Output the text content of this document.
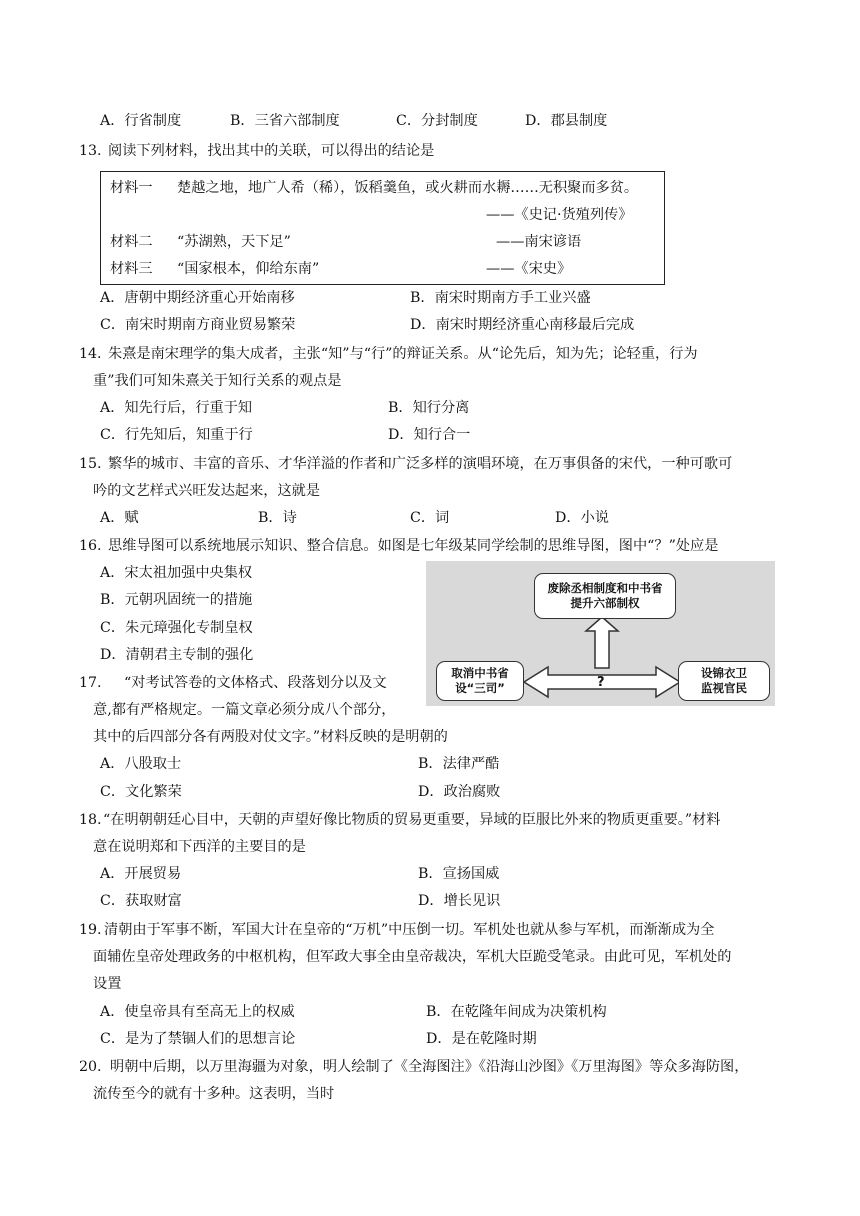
A．行省制度	B．三省六部制度	C．分封制度	D．郡县制度
13. 阅读下列材料，找出其中的关联，可以得出的结论是
材料一 楚越之地，地广人希（稀），饭稻羹鱼，或火耕而水耨……无积聚而多贫。
——《史记·货殖列传》
材料二 “苏湖熟，天下足”	——南宋谚语
材料三 “国家根本，仰给东南”	——《宋史》
A．唐朝中期经济重心开始南移	B．南宋时期南方手工业兴盛
C．南宋时期南方商业贸易繁荣	D．南宋时期经济重心南移最后完成
14. 朱熹是南宋理学的集大成者，主张“知”与“行”的辩证关系。从“论先后，知为先；论轻重，行为
重”我们可知朱熹关于知行关系的观点是
A．知先行后，行重于知	B．知行分离
C．行先知后，知重于行	D．知行合一
15. 繁华的城市、丰富的音乐、才华洋溢的作者和广泛多样的演唱环境，在万事俱备的宋代，一种可歌可
吟的文艺样式兴旺发达起来，这就是
A．赋	B．诗	C．词	D．小说
16. 思维导图可以系统地展示知识、整合信息。如图是七年级某同学绘制的思维导图，图中“？”处应是
A．宋太祖加强中央集权
B．元朝巩固统一的措施
C．朱元璋强化专制皇权
D．清朝君主专制的强化
废除丞相制度和中书省
提升六部制权
取消中书省
设“三司”
设锦衣卫
监视官民
?
17. “对考试答卷的文体格式、段落划分以及文
意,都有严格规定。一篇文章必须分成八个部分，
其中的后四部分各有两股对仗文字。”材料反映的是明朝的
A．八股取士	B．法律严酷
C．文化繁荣	D．政治腐败
18. “在明朝朝廷心目中，天朝的声望好像比物质的贸易更重要，异域的臣服比外来的物质更重要。”材料
意在说明郑和下西洋的主要目的是
A．开展贸易	B．宣扬国威
C．获取财富	D．增长见识
19. 清朝由于军事不断，军国大计在皇帝的“万机”中压倒一切。军机处也就从参与军机，而渐渐成为全
面辅佐皇帝处理政务的中枢机构，但军政大事全由皇帝裁决，军机大臣跪受笔录。由此可见，军机处的
设置
A．使皇帝具有至高无上的权威	B．在乾隆年间成为决策机构
C．是为了禁锢人们的思想言论	D．是在乾隆时期
20. 明朝中后期，以万里海疆为对象，明人绘制了《全海图注》《沿海山沙图》《万里海图》等众多海防图，
流传至今的就有十多种。这表明，当时
